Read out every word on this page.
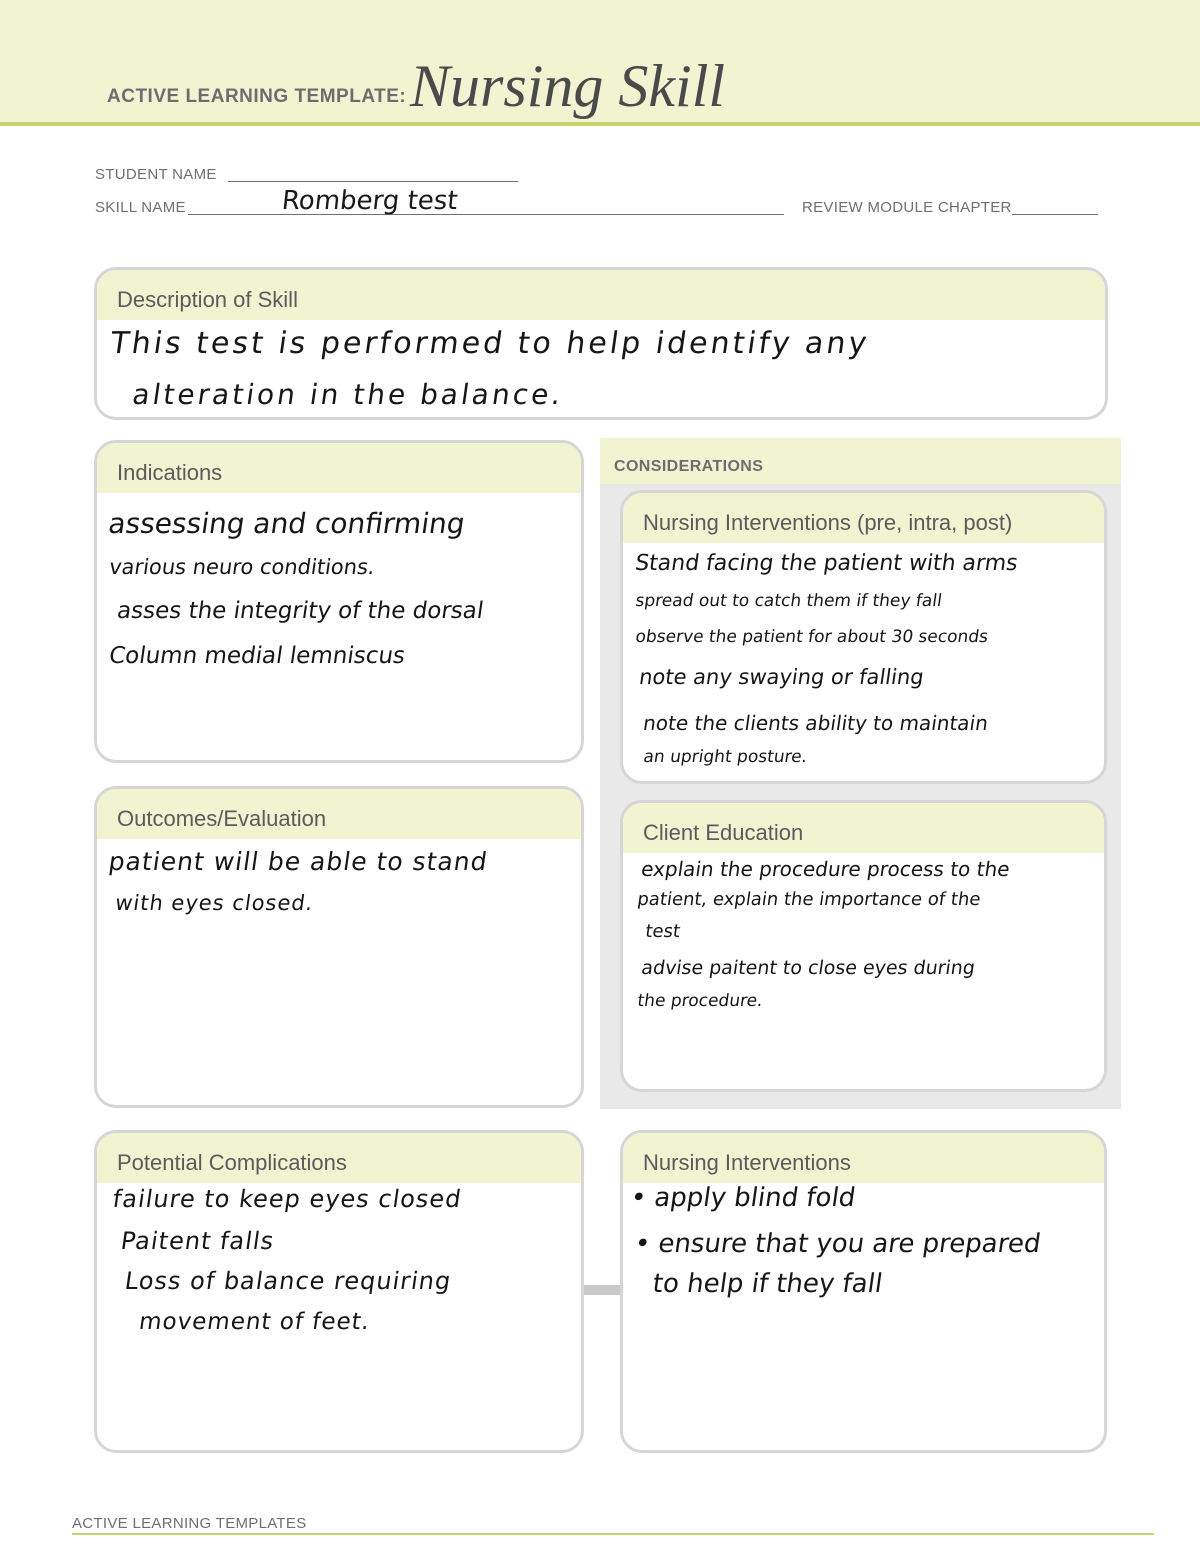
ACTIVE LEARNING TEMPLATE: Nursing Skill
STUDENT NAME
SKILL NAME	Romberg test	REVIEW MODULE CHAPTER
Description of Skill
This test is performed to help identify any
alteration in the balance.
Indications
assessing and confirming
various neuro conditions.
asses the integrity of the dorsal
Column medial lemniscus
Outcomes/Evaluation
patient will be able to stand
with eyes closed.
CONSIDERATIONS
Nursing Interventions (pre, intra, post)
Stand facing the patient with arms
spread out to catch them if they fall
observe the patient for about 30 seconds
note any swaying or falling
note the clients ability to maintain
an upright posture.
Client Education
explain the procedure process to the
patient, explain the importance of the
test
advise paitent to close eyes during
the procedure.
Potential Complications
failure to keep eyes closed
Paitent falls
Loss of balance requiring
movement of feet.
Nursing Interventions
• apply blind fold
• ensure that you are prepared
to help if they fall
ACTIVE LEARNING TEMPLATES
